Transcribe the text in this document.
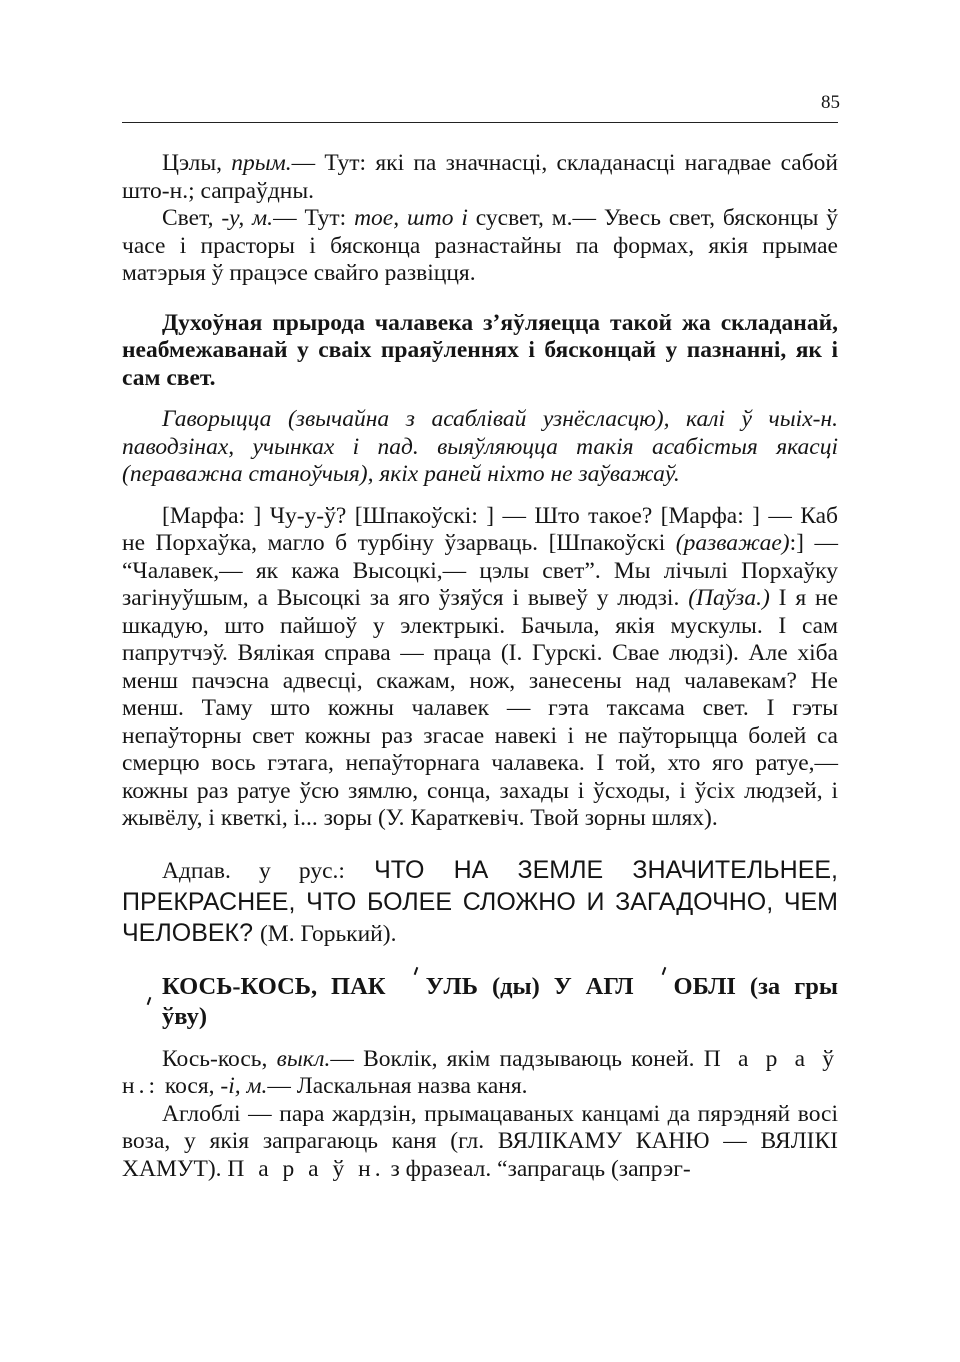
85

Цэлы, прым.— Тут: які па значнасці, складанасці нагадвае сабой што-н.; сапраўдны.

Свет, -у, м.— Тут: тое, што і сусвет, м.— Увесь свет, бясконцы ў часе і прасторы і бясконца разнастайны па формах, якія прымае матэрыя ў працэсе свайго развіцця.

Духоўная прырода чалавека з’яўляецца такой жа складанай, неабмежаванай у сваіх праяўленнях і бясконцай у пазнанні, як і сам свет.

Гаворыцца (звычайна з асаблівай узнёсласцю), калі ў чыіх-н. паводзінах, учынках і пад. выяўляюцца такія асабістыя якасці (пераважна станоўчыя), якіх раней ніхто не заўважаў.

[Марфа: ] Чу-у-ў? [Шпакоўскі: ] — Што такое? [Марфа: ] — Каб не Порхаўка, магло б турбіну ўзарваць. [Шпакоўскі (разважае):] — “Чалавек,— як кажа Высоцкі,— цэлы свет”. Мы лічылі Порхаўку загінуўшым, а Высоцкі за яго ўзяўся і вывеў у людзі. (Паўза.) І я не шкадую, што пайшоў у электрыкі. Бачыла, якія мускулы. І сам папрутчэў. Вялікая справа — праца (І. Гурскі. Свае людзі). Але хіба менш пачэсна адвесці, скажам, нож, занесены над чалавекам? Не менш. Таму што кожны чалавек — гэта таксама свет. І гэты непаўторны свет кожны раз згасае навекі і не паўторыцца болей са смерцю вось гэтага, непаўторнага чалавека. І той, хто яго ратуе,— кожны раз ратуе ўсю зямлю, сонца, захады і ўсходы, і ўсіх людзей, і жывёлу, і кветкі, і... зоры (У. Караткевіч. Твой зорны шлях).

Адпав. у рус.: ЧТО НА ЗЕМЛЕ ЗНАЧИТЕЛЬНЕЕ, ПРЕКРАСНЕЕ, ЧТО БОЛЕЕ СЛОЖНО И ЗАГАДОЧНО, ЧЕМ ЧЕЛОВЕК? (М. Горький).

КОСЬ-КОСЬ, ПАК УЛЬ (ды) У АГЛ ОБЛІ (за грыўву)

Кось-кось, выкл.— Воклік, якім падзываюць коней. П а р а ў н.: кося, -і, м.— Ласкальная назва каня.

Аглоблі — пара жардзін, прымацаваных канцамі да пярэдняй восі воза, у якія запрагаюць каня (гл. ВЯЛІКАМУ КАНЮ — ВЯЛІКІ ХАМУТ). П а р а ў н. з фразеал. “запрагаць (запрэг-
